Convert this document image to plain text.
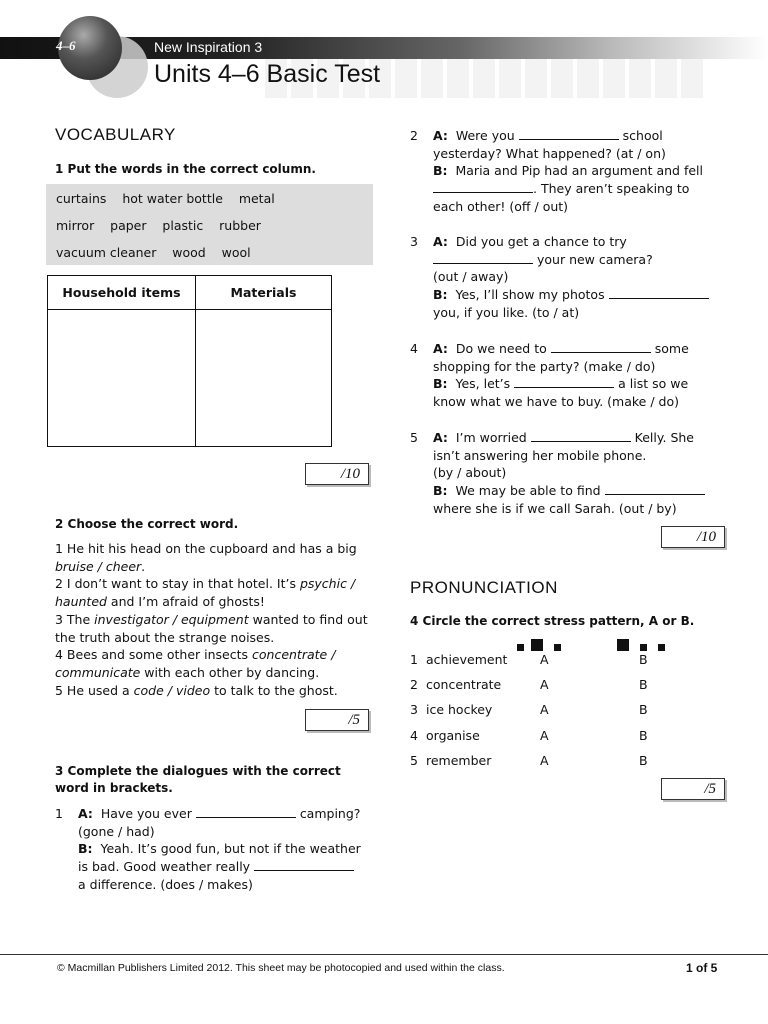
4–6	New Inspiration 3
Units 4–6 Basic Test
VOCABULARY
1 Put the words in the correct column.
curtains hot water bottle metal
mirror paper plastic rubber
vacuum cleaner wood wool
Household items	Materials

/10
2 Choose the correct word.
1 He hit his head on the cupboard and has a big bruise / cheer.
2 I don’t want to stay in that hotel. It’s psychic / haunted and I’m afraid of ghosts!
3 The investigator / equipment wanted to find out the truth about the strange noises.
4 Bees and some other insects concentrate / communicate with each other by dancing.
5 He used a code / video to talk to the ghost.
/5
3 Complete the dialogues with the correct word in brackets.
1 A: Have you ever	camping?
(gone / had)
B: Yeah. It’s good fun, but not if the weather
is bad. Good weather really
a difference. (does / makes)
2 A: Were you	school
yesterday? What happened? (at / on)
B: Maria and Pip had an argument and fell
. They aren’t speaking to
each other! (off / out)
3 A: Did you get a chance to try
your new camera?
(out / away)
B: Yes, I’ll show my photos
you, if you like. (to / at)
4 A: Do we need to	some
shopping for the party? (make / do)
B: Yes, let’s	a list so we
know what we have to buy. (make / do)
5 A: I’m worried	Kelly. She
isn’t answering her mobile phone.
(by / about)
B: We may be able to find
where she is if we call Sarah. (out / by)
/10
PRONUNCIATION
4 Circle the correct stress pattern, A or B.

1 achievement	A	B
2 concentrate	A	B
3 ice hockey	A	B
4 organise	A	B
5 remember	A	B
/5
© Macmillan Publishers Limited 2012. This sheet may be photocopied and used within the class.	1 of 5
